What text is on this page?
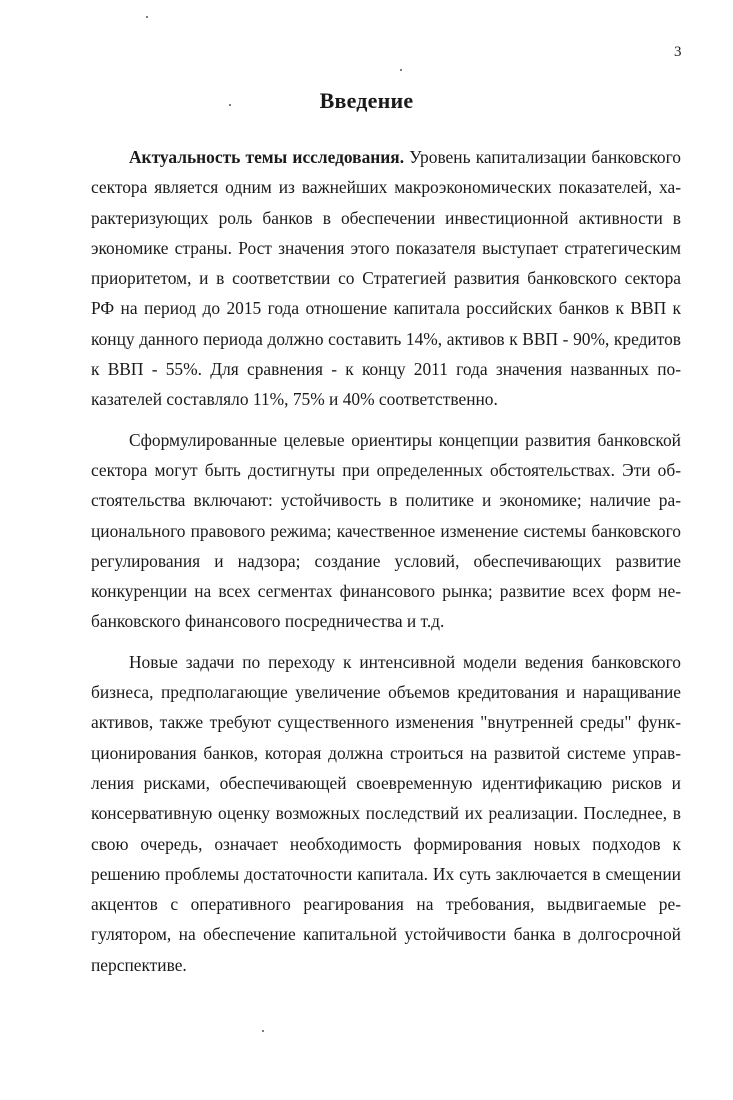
3
Введение

Актуальность темы исследования. Уровень капитализации банковского сектора является одним из важнейших макроэкономических показателей, характеризующих роль банков в обеспечении инвестиционной активности в экономике страны. Рост значения этого показателя выступает стратегическим приоритетом, и в соответствии со Стратегией развития банковского сектора РФ на период до 2015 года отношение капитала российских банков к ВВП к концу данного периода должно составить 14%, активов к ВВП - 90%, кредитов к ВВП - 55%. Для сравнения - к концу 2011 года значения названных показателей составляло 11%, 75% и 40% соответственно.

Сформулированные целевые ориентиры концепции развития банковской сектора могут быть достигнуты при определенных обстоятельствах. Эти обстоятельства включают: устойчивость в политике и экономике; наличие рационального правового режима; качественное изменение системы банковского регулирования и надзора; создание условий, обеспечивающих развитие конкуренции на всех сегментах финансового рынка; развитие всех форм небанковского финансового посредничества и т.д.

Новые задачи по переходу к интенсивной модели ведения банковского бизнеса, предполагающие увеличение объемов кредитования и наращивание активов, также требуют существенного изменения "внутренней среды" функционирования банков, которая должна строиться на развитой системе управления рисками, обеспечивающей своевременную идентификацию рисков и консервативную оценку возможных последствий их реализации. Последнее, в свою очередь, означает необходимость формирования новых подходов к решению проблемы достаточности капитала. Их суть заключается в смещении акцентов с оперативного реагирования на требования, выдвигаемые регулятором, на обеспечение капитальной устойчивости банка в долгосрочной перспективе.
